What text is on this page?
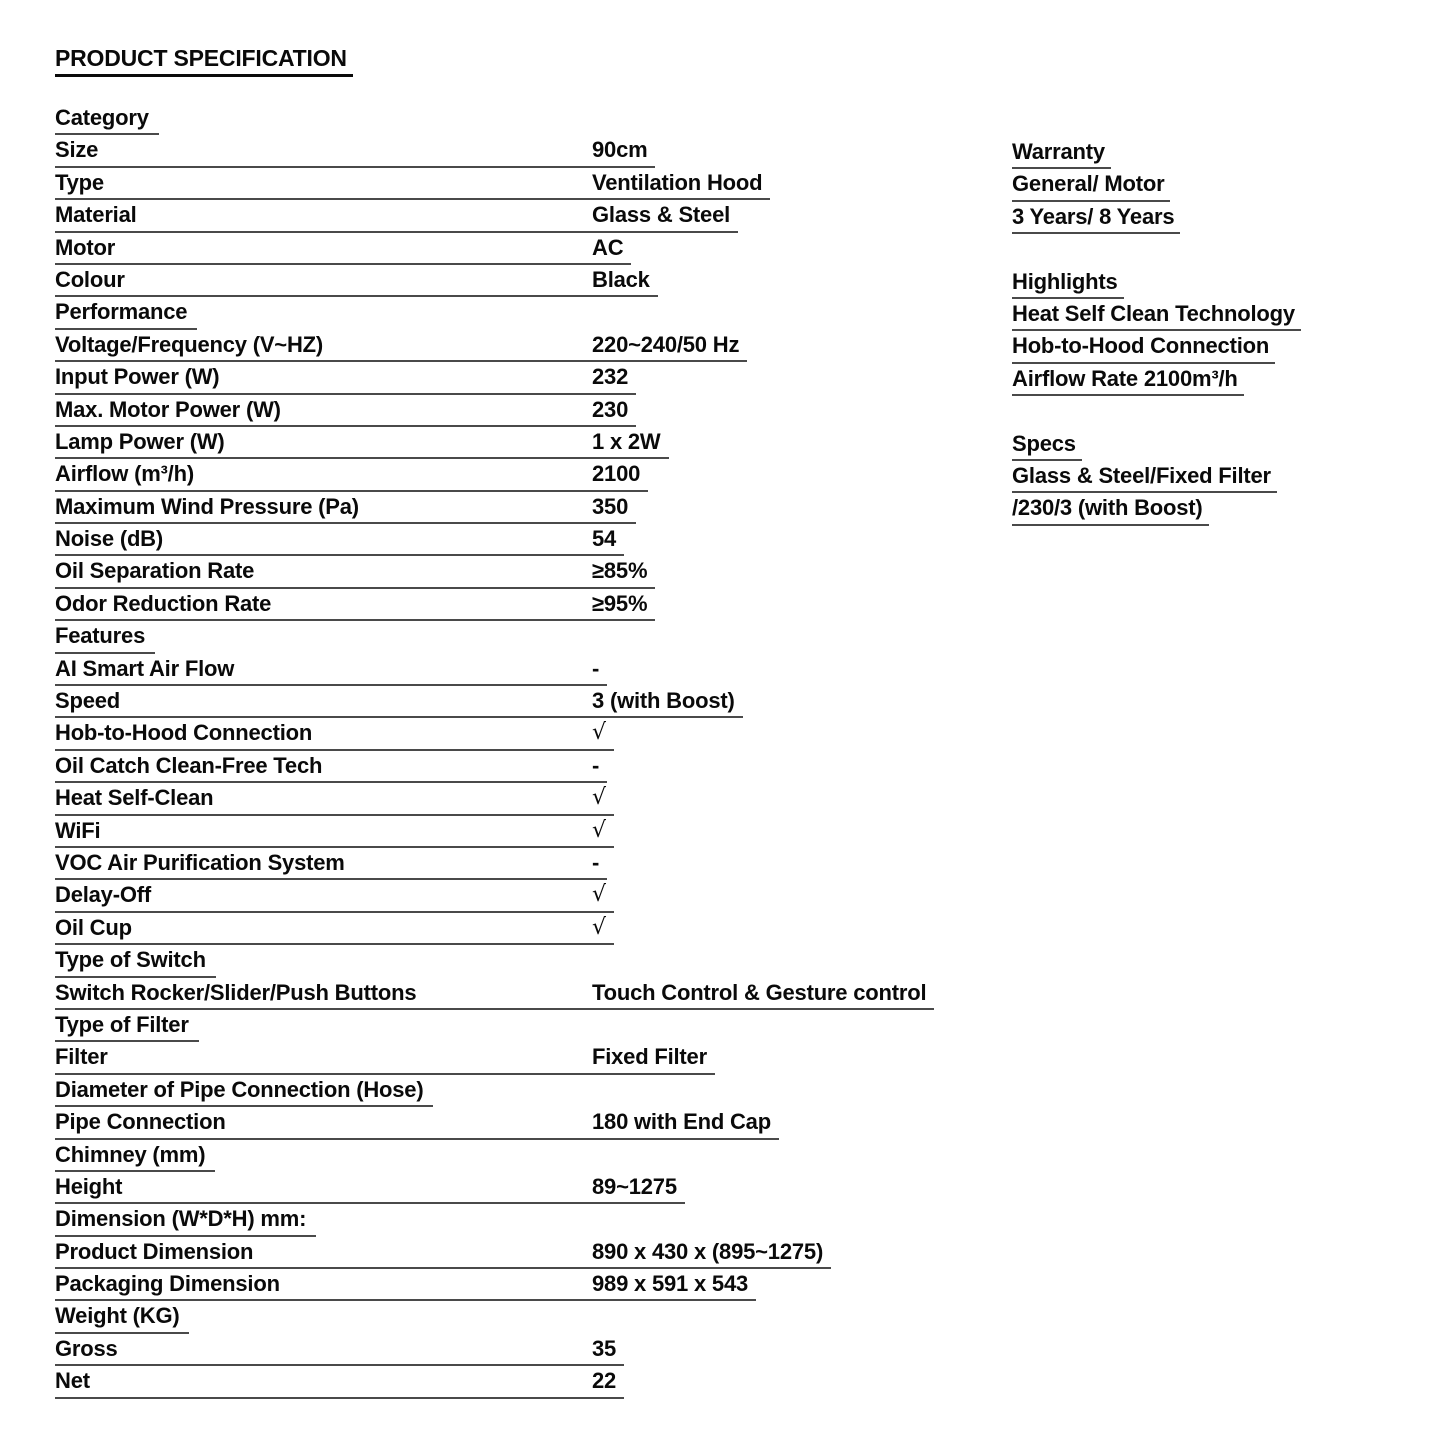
PRODUCT SPECIFICATION
Category
Size	90cm
Type	Ventilation Hood
Material	Glass & Steel
Motor	AC
Colour	Black
Performance
Voltage/Frequency (V~HZ)	220~240/50 Hz
Input Power (W)	232
Max. Motor Power (W)	230
Lamp Power (W)	1 x 2W
Airflow (m³/h)	2100
Maximum Wind Pressure (Pa)	350
Noise (dB)	54
Oil Separation Rate	≥85%
Odor Reduction Rate	≥95%
Features
AI Smart Air Flow	-
Speed	3 (with Boost)
Hob-to-Hood Connection	√
Oil Catch Clean-Free Tech	-
Heat Self-Clean	√
WiFi	√
VOC Air Purification System	-
Delay-Off	√
Oil Cup	√
Type of Switch
Switch Rocker/Slider/Push Buttons	Touch Control & Gesture control
Type of Filter
Filter	Fixed Filter
Diameter of Pipe Connection (Hose)
Pipe Connection	180 with End Cap
Chimney (mm)
Height	89~1275
Dimension (W*D*H) mm:
Product Dimension	890 x 430 x (895~1275)
Packaging Dimension	989 x 591 x 543
Weight (KG)
Gross	35
Net	22
Warranty
General/ Motor
3 Years/ 8 Years
Highlights
Heat Self Clean Technology
Hob-to-Hood Connection
Airflow Rate 2100m³/h
Specs
Glass & Steel/Fixed Filter
/230/3 (with Boost)
